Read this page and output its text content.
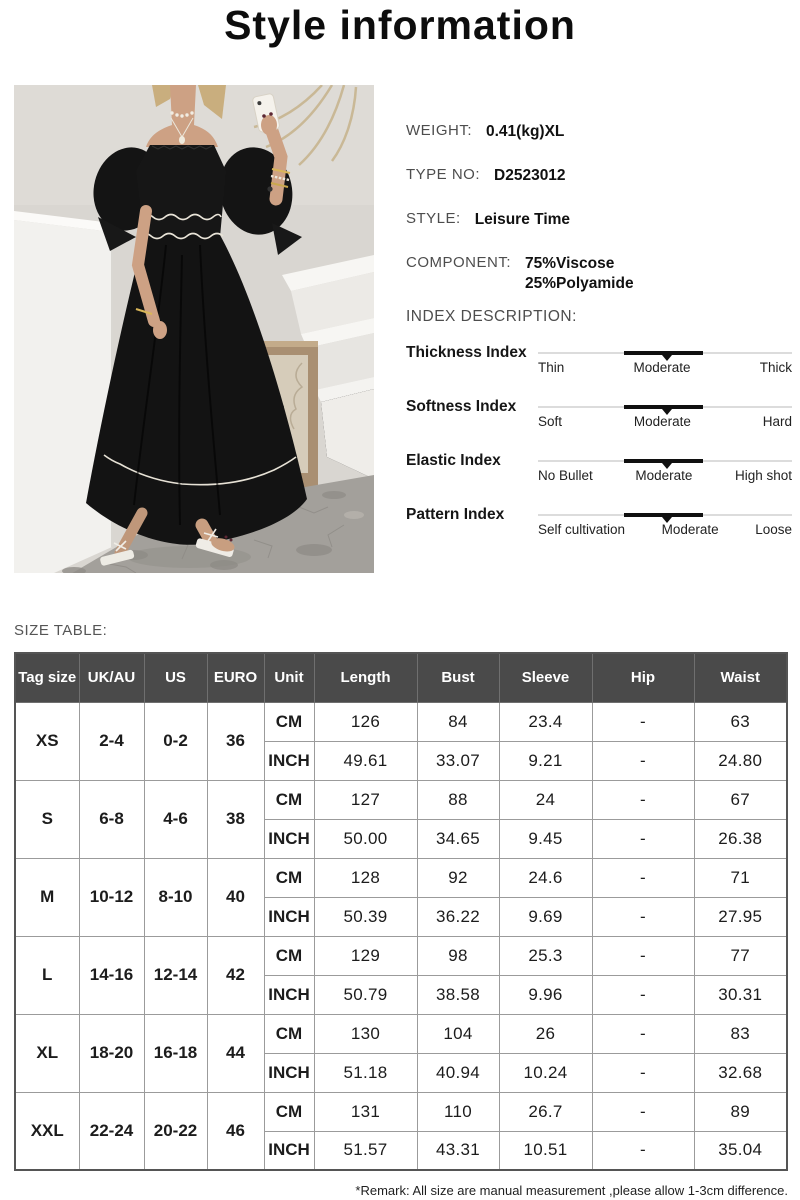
Style information
WEIGHT: 0.41(kg)XL
TYPE NO: D2523012
STYLE: Leisure Time
COMPONENT: 75%Viscose
25%Polyamide
INDEX DESCRIPTION:
Thickness Index
Thin	Moderate	Thick
Softness Index
Soft	Moderate	Hard
Elastic Index
No Bullet	Moderate	High shot
Pattern Index
Self cultivation	Moderate	Loose
SIZE TABLE:
Tag size	UK/AU	US	EURO	Unit	Length	Bust	Sleeve	Hip	Waist
XS	2-4	0-2	36	CM	126	84	23.4	-	63
				INCH	49.61	33.07	9.21	-	24.80
S	6-8	4-6	38	CM	127	88	24	-	67
				INCH	50.00	34.65	9.45	-	26.38
M	10-12	8-10	40	CM	128	92	24.6	-	71
				INCH	50.39	36.22	9.69	-	27.95
L	14-16	12-14	42	CM	129	98	25.3	-	77
				INCH	50.79	38.58	9.96	-	30.31
XL	18-20	16-18	44	CM	130	104	26	-	83
				INCH	51.18	40.94	10.24	-	32.68
XXL	22-24	20-22	46	CM	131	110	26.7	-	89
				INCH	51.57	43.31	10.51	-	35.04
*Remark: All size are manual measurement ,please allow 1-3cm difference.
